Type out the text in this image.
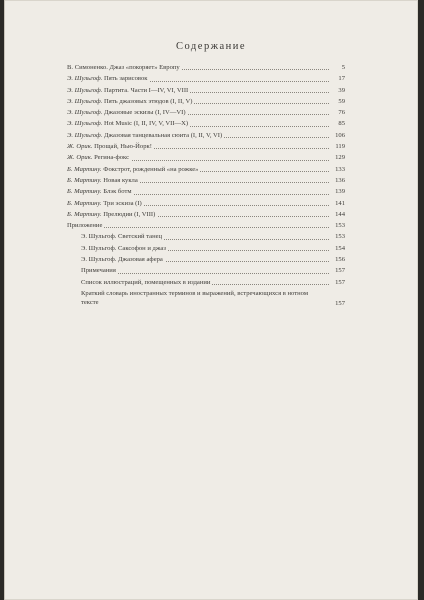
Содержание
В. Симоненко. Джаз «покоряет» Европу	5
Э. Шульгоф. Пять зарисовок	17
Э. Шульгоф. Партита. Части I—IV, VI, VIII	39
Э. Шульгоф. Пять джазовых этюдов (I, II, V)	59
Э. Шульгоф. Джазовые эскизы (I, IV—VI)	76
Э. Шульгоф. Hot Music (I, II, IV, V, VII—X)	85
Э. Шульгоф. Джазовая танцевальная сюита (I, II, V, VI)	106
Ж. Орик. Прощай, Нью-Йорк!	119
Ж. Орик. Регина-фокс	129
Б. Мартину. Фокстрот, рожденный «на рожке»	133
Б. Мартину. Новая кукла	136
Б. Мартину. Блэк ботм	139
Б. Мартину. Три эскиза (I)	141
Б. Мартину. Прелюдии (I, VIII)	144
Приложение	153
Э. Шульгоф. Светский танец	153
Э. Шульгоф. Саксофон и джаз	154
Э. Шульгоф. Джазовая афера	156
Примечания	157
Список иллюстраций, помещенных в издании	157
Краткий словарь иностранных терминов и выражений, встречающихся в нотном тексте	157
